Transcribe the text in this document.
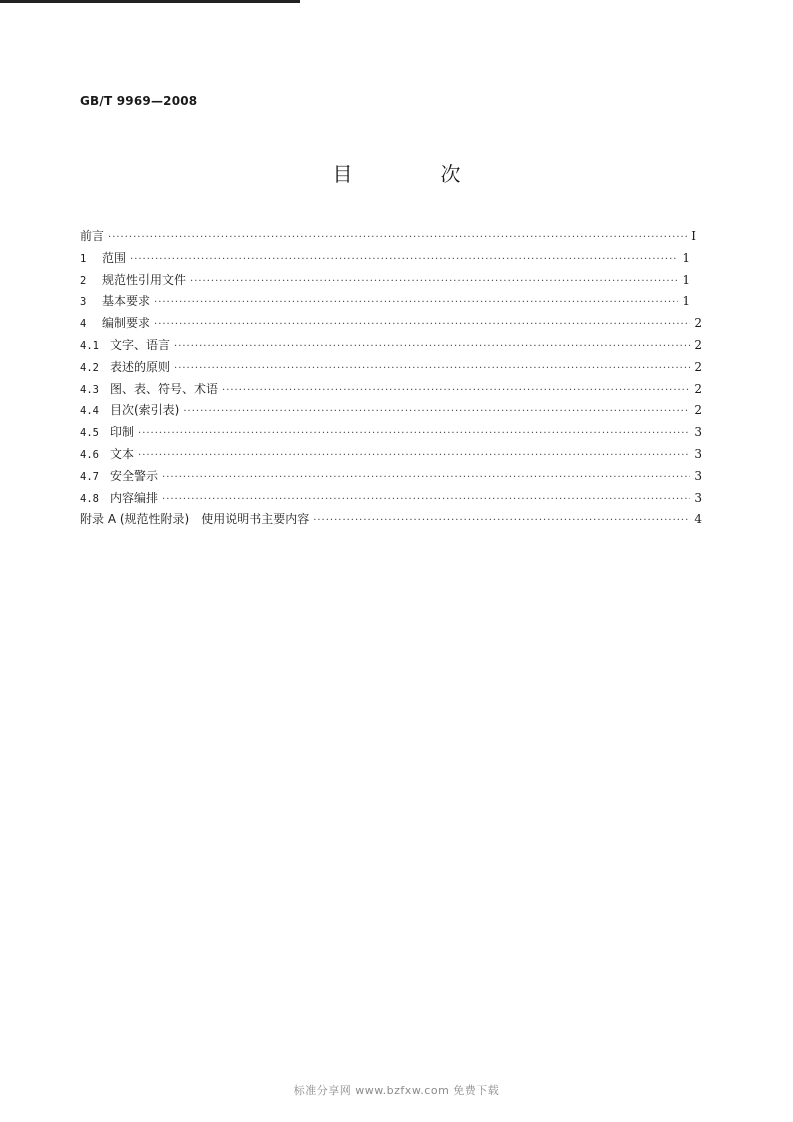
GB/T 9969—2008
目　次
前言 ·····	I
1	范围 ·····	1
2	规范性引用文件 ·····	1
3	基本要求 ·····	1
4	编制要求 ·····	2
4.1 文字、语言 ·····	2
4.2 表述的原则 ·····	2
4.3 图、表、符号、术语 ·····	2
4.4 目次(索引表) ·····	2
4.5 印制 ·····	3
4.6 文本 ·····	3
4.7 安全警示 ·····	3
4.8 内容编排 ·····	3
附录 A (规范性附录)　使用说明书主要内容 ·····	4
标准分享网 www.bzfxw.com 免费下载
